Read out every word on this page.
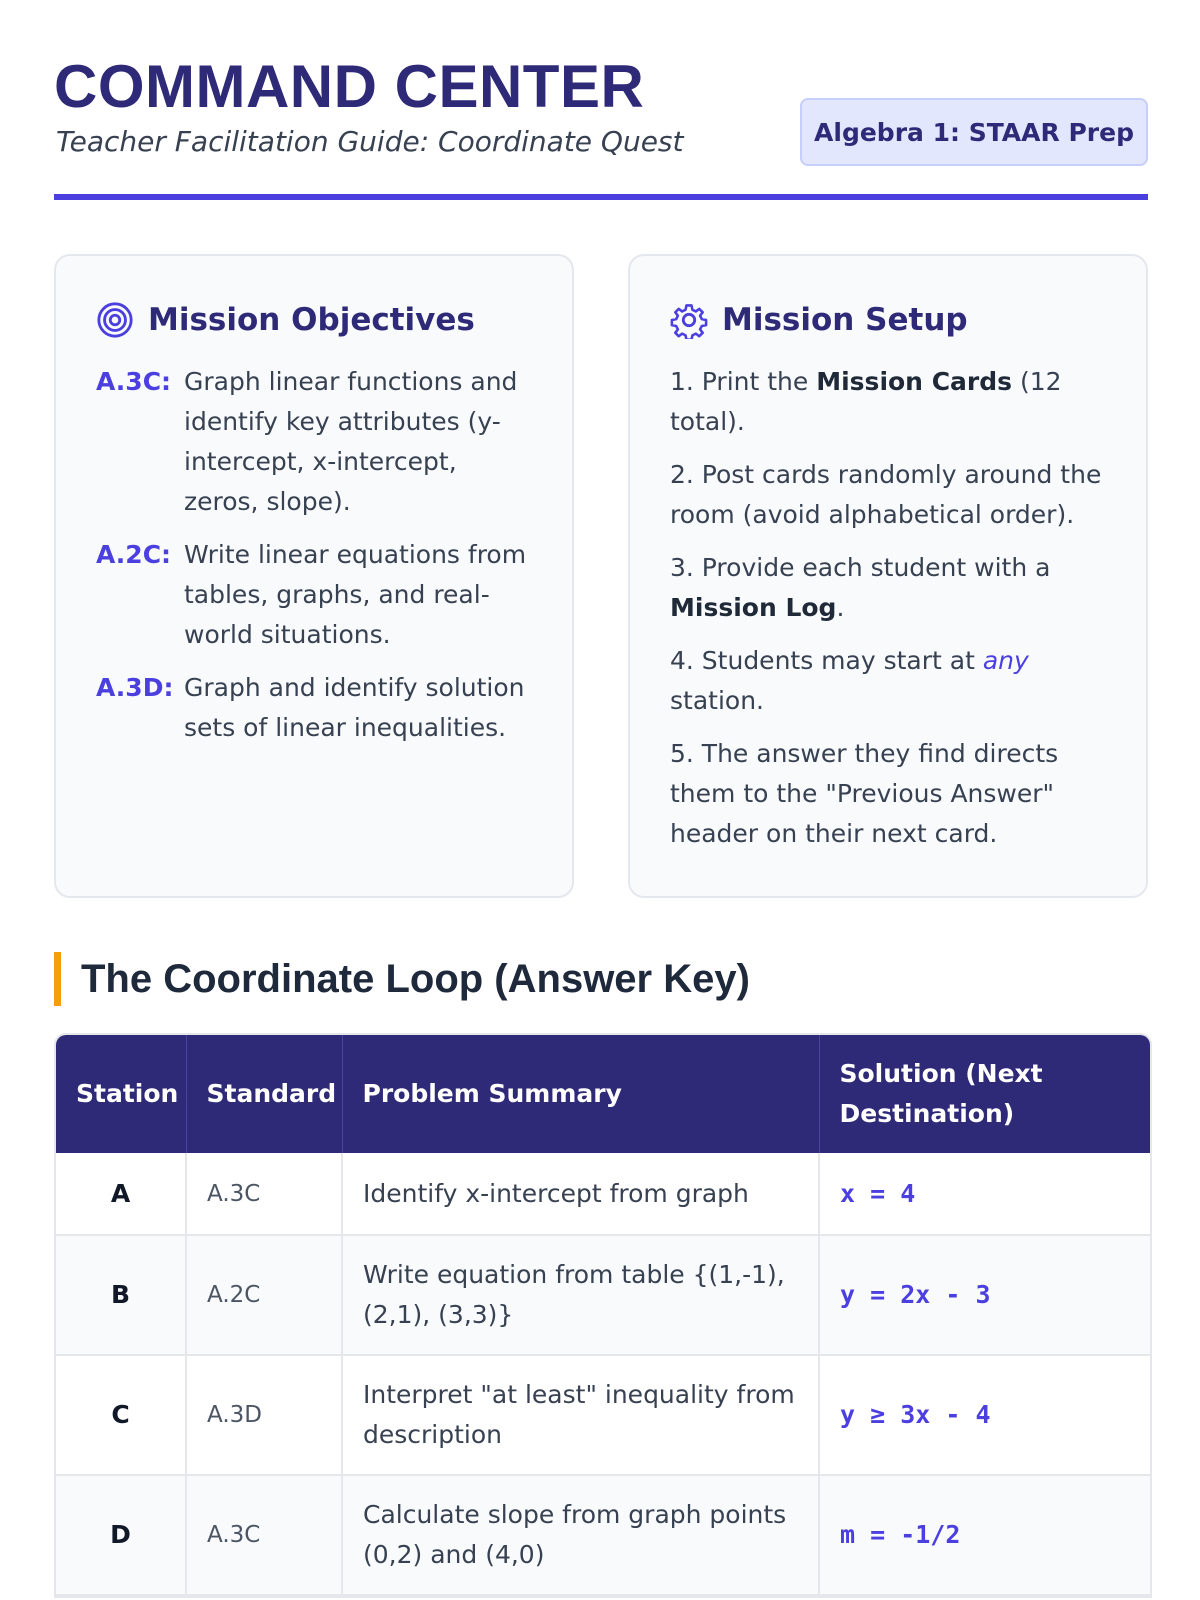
COMMAND CENTER

Teacher Facilitation Guide: Coordinate Quest	Algebra 1: STAAR Prep
Mission Objectives
A.3C: Graph linear functions and identify key attributes (y-intercept, x-intercept, zeros, slope).
A.2C: Write linear equations from tables, graphs, and real-world situations.
A.3D: Graph and identify solution sets of linear inequalities.
Mission Setup
1. Print the Mission Cards (12 total).
2. Post cards randomly around the room (avoid alphabetical order).
3. Provide each student with a Mission Log.
4. Students may start at any station.
5. The answer they find directs them to the "Previous Answer" header on their next card.
The Coordinate Loop (Answer Key)
Station	Standard	Problem Summary	Solution (Next Destination)
A	A.3C	Identify x-intercept from graph	x = 4
B	A.2C	Write equation from table {(1,-1), (2,1), (3,3)}	y = 2x - 3
C	A.3D	Interpret "at least" inequality from description	y ≥ 3x - 4
D	A.3C	Calculate slope from graph points (0,2) and (4,0)	m = -1/2
